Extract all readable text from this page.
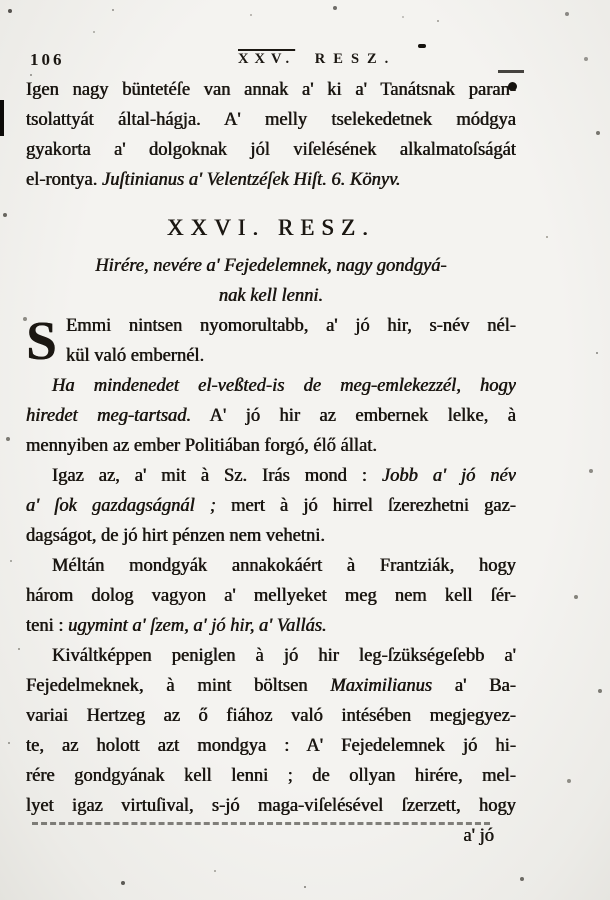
106	XXV. RESZ.
Igen nagy büntetéſe van annak a' ki a' Tanátsnak paran-
tsolattyát által-hágja. A' melly tselekedetnek módgya
gyakorta a' dolgoknak jól viſelésének alkalmatoſságát
el-rontya. Juſtinianus a' Velentzéſek Hiſt. 6. Könyv.
XXVI. RESZ.
Hirére, nevére a' Fejedelemnek, nagy gondgyá-
nak kell lenni.
S Emmi nintsen nyomorultabb, a' jó hir, s-név nél-
kül való embernél.
Ha mindenedet el-veßted-is de meg-emlekezzél, hogy
hiredet meg-tartsad. A' jó hir az embernek lelke, à
mennyiben az ember Politiában forgó, élő állat.
Igaz az, a' mit à Sz. Irás mond : Jobb a' jó név
a' ſok gazdagságnál ; mert à jó hirrel ſzerezhetni gaz-
dagságot, de jó hirt pénzen nem vehetni.
Méltán mondgyák annakokáért à Frantziák, hogy
három dolog vagyon a' mellyeket meg nem kell ſér-
teni : ugymint a' ſzem, a' jó hir, a' Vallás.
Kiváltképpen peniglen à jó hir leg-ſzükségeſebb a'
Fejedelmeknek, à mint böltsen Maximilianus a' Ba-
variai Hertzeg az ő fiához való intésében megjegyez-
te, az holott azt mondgya : A' Fejedelemnek jó hi-
rére gondgyának kell lenni ; de ollyan hirére, mel-
lyet igaz virtuſival, s-jó maga-viſelésével ſzerzett, hogy
a' jó
